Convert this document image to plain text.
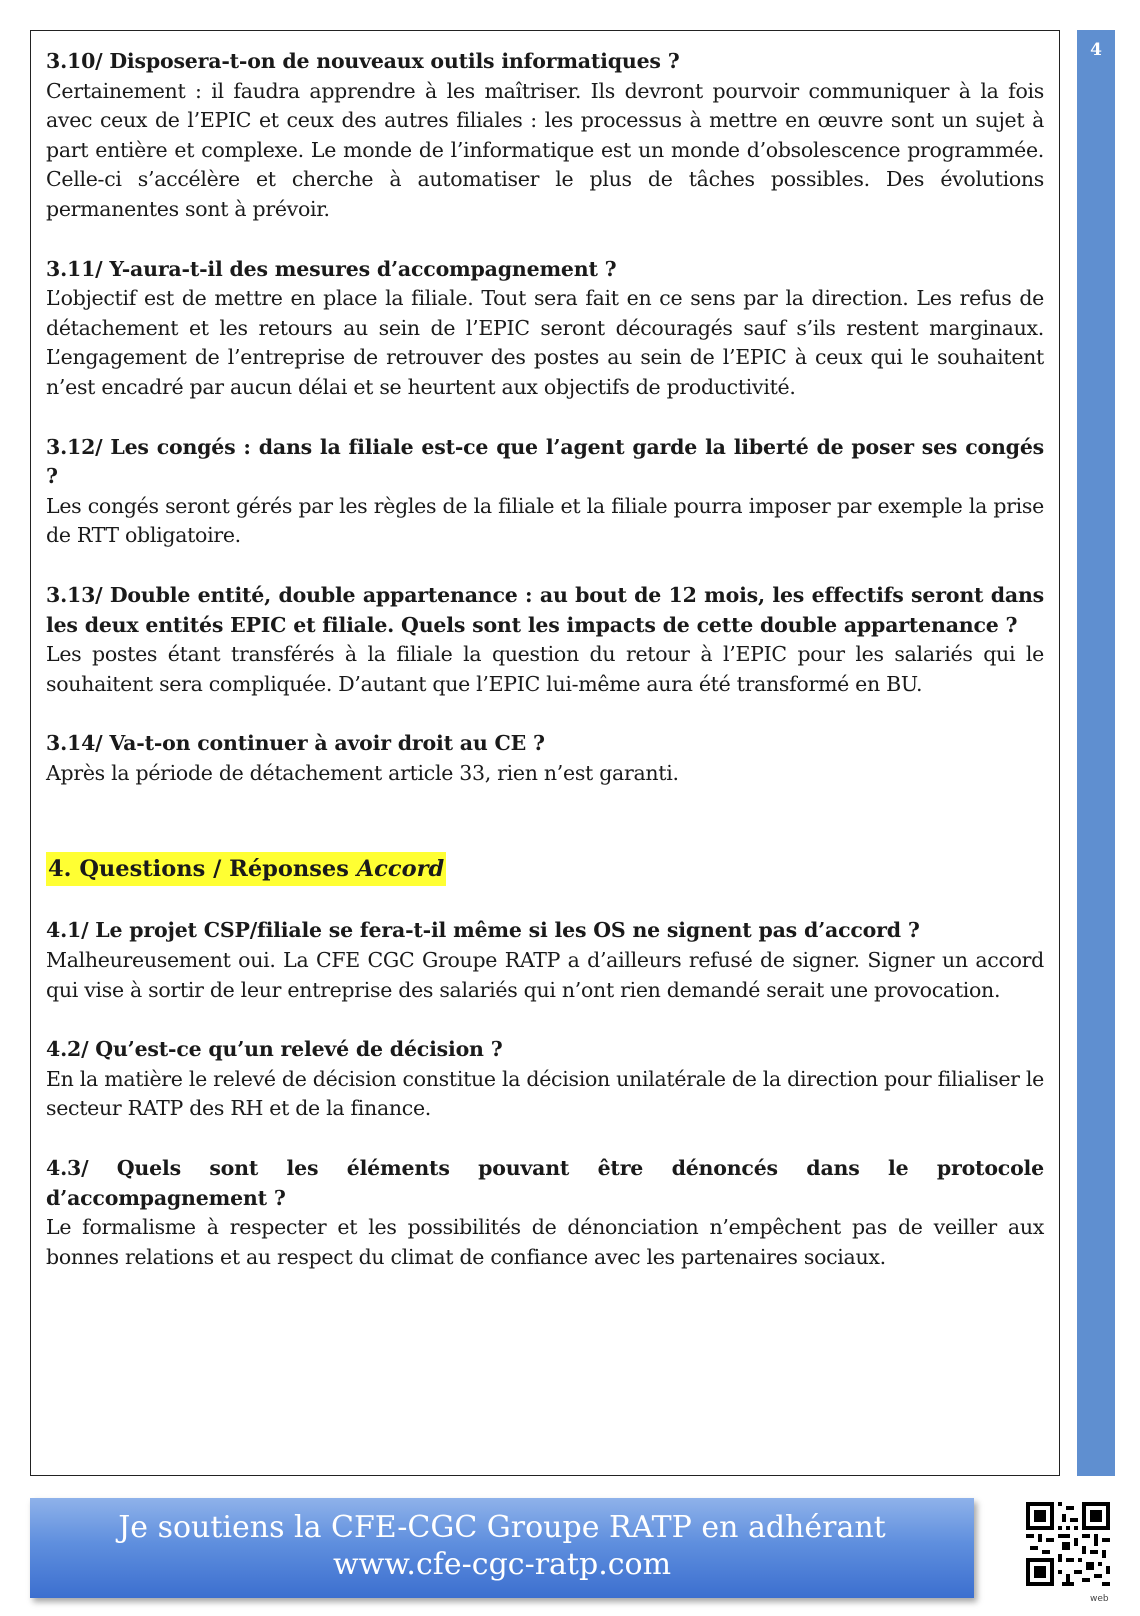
3.10/ Disposera-t-on de nouveaux outils informatiques ?

Certainement : il faudra apprendre à les maîtriser. Ils devront pourvoir communiquer à la fois avec ceux de l’EPIC et ceux des autres filiales : les processus à mettre en œuvre sont un sujet à part entière et complexe. Le monde de l’informatique est un monde d’obsolescence programmée. Celle-ci s’accélère et cherche à automatiser le plus de tâches possibles. Des évolutions permanentes sont à prévoir.

3.11/ Y-aura-t-il des mesures d’accompagnement ?

L’objectif est de mettre en place la filiale. Tout sera fait en ce sens par la direction. Les refus de détachement et les retours au sein de l’EPIC seront découragés sauf s’ils restent marginaux. L’engagement de l’entreprise de retrouver des postes au sein de l’EPIC à ceux qui le souhaitent n’est encadré par aucun délai et se heurtent aux objectifs de productivité.

3.12/ Les congés : dans la filiale est-ce que l’agent garde la liberté de poser ses congés ?

Les congés seront gérés par les règles de la filiale et la filiale pourra imposer par exemple la prise de RTT obligatoire.

3.13/ Double entité, double appartenance : au bout de 12 mois, les effectifs seront dans les deux entités EPIC et filiale. Quels sont les impacts de cette double appartenance ?

Les postes étant transférés à la filiale la question du retour à l’EPIC pour les salariés qui le souhaitent sera compliquée. D’autant que l’EPIC lui-même aura été transformé en BU.

3.14/ Va-t-on continuer à avoir droit au CE ?

Après la période de détachement article 33, rien n’est garanti.

4. Questions / Réponses Accord

4.1/ Le projet CSP/filiale se fera-t-il même si les OS ne signent pas d’accord ?

Malheureusement oui. La CFE CGC Groupe RATP a d’ailleurs refusé de signer. Signer un accord qui vise à sortir de leur entreprise des salariés qui n’ont rien demandé serait une provocation.

4.2/ Qu’est-ce qu’un relevé de décision ?

En la matière le relevé de décision constitue la décision unilatérale de la direction pour filialiser le secteur RATP des RH et de la finance.

4.3/ Quels sont les éléments pouvant être dénoncés dans le protocole d’accompagnement ?

Le formalisme à respecter et les possibilités de dénonciation n’empêchent pas de veiller aux bonnes relations et au respect du climat de confiance avec les partenaires sociaux.

4
Je soutiens la CFE-CGC Groupe RATP en adhérant
www.cfe-cgc-ratp.com
web
